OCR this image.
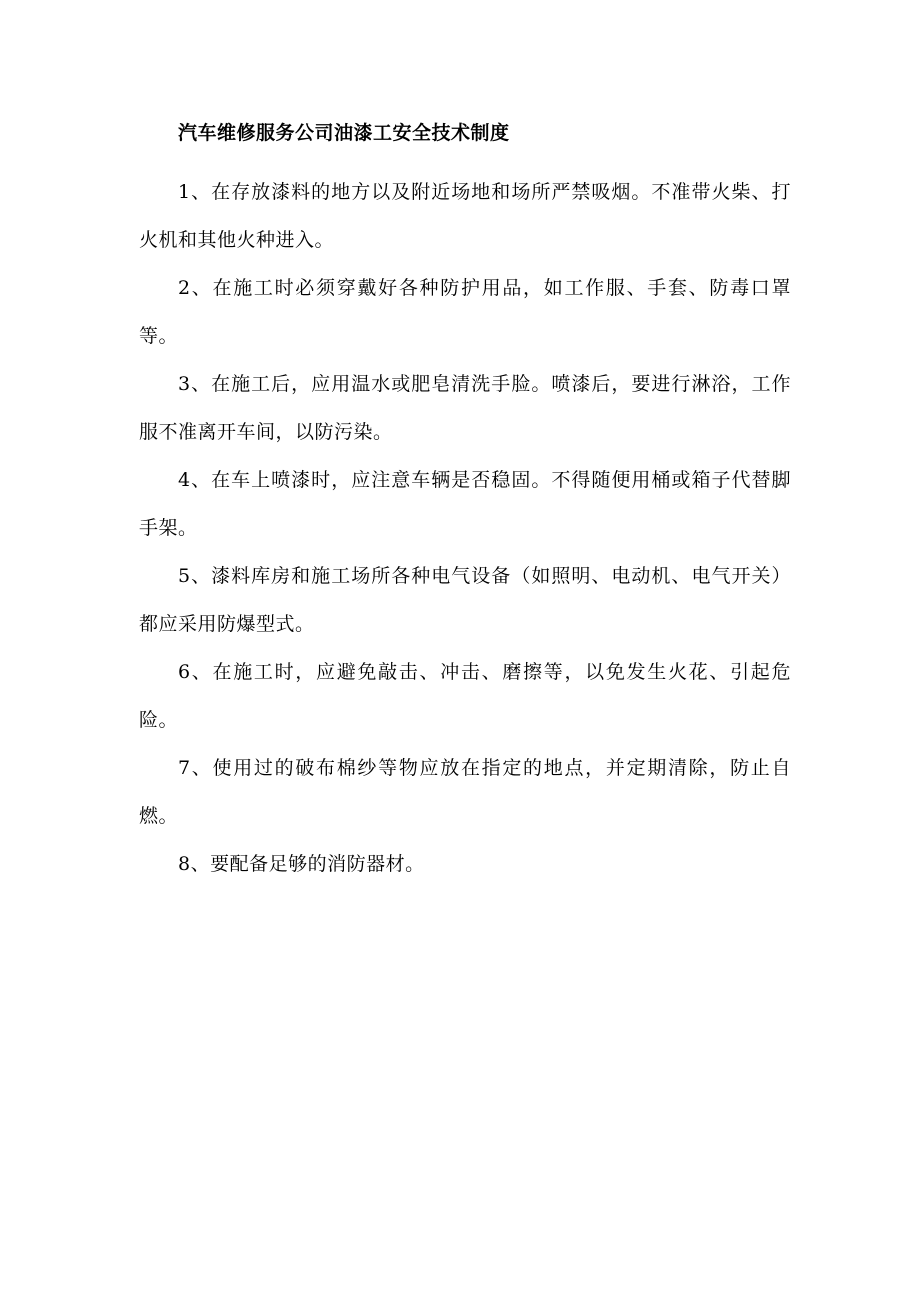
汽车维修服务公司油漆工安全技术制度

1、在存放漆料的地方以及附近场地和场所严禁吸烟。不准带火柴、打火机和其他火种进入。

2、在施工时必须穿戴好各种防护用品，如工作服、手套、防毒口罩等。

3、在施工后，应用温水或肥皂清洗手脸。喷漆后，要进行淋浴，工作服不准离开车间，以防污染。

4、在车上喷漆时，应注意车辆是否稳固。不得随便用桶或箱子代替脚手架。

5、漆料库房和施工场所各种电气设备（如照明、电动机、电气开关）都应采用防爆型式。

6、在施工时，应避免敲击、冲击、磨擦等，以免发生火花、引起危险。

7、使用过的破布棉纱等物应放在指定的地点，并定期清除，防止自燃。

8、要配备足够的消防器材。
